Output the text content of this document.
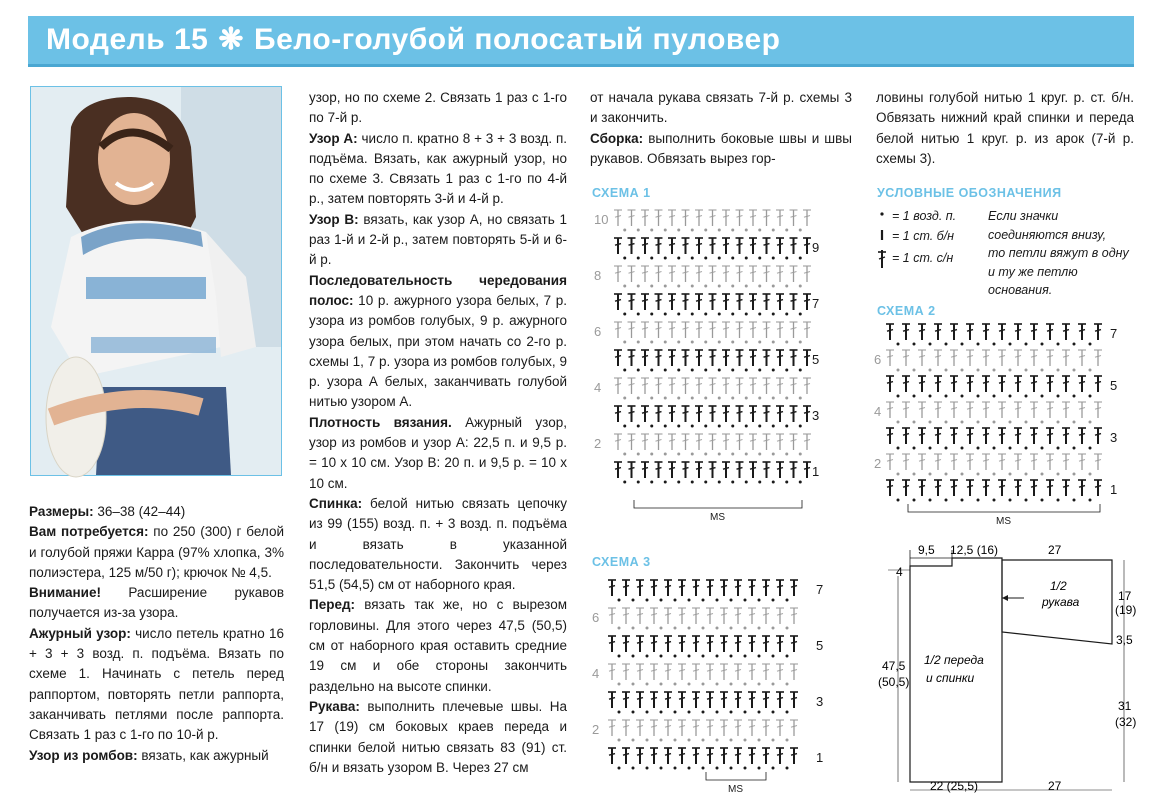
Модель 15 ❋ Бело-голубой полосатый пуловер

Размеры: 36–38 (42–44)

Вам потребуется: по 250 (300) г белой и голубой пряжи Карра (97% хлопка, 3% полиэстера, 125 м/50 г); крючок № 4,5.

Внимание! Расширение рукавов получается из-за узора.

Ажурный узор: число петель кратно 16 + 3 + 3 возд. п. подъёма. Вязать по схеме 1. Начинать с петель перед раппортом, повторять петли раппорта, заканчивать петлями после раппорта. Связать 1 раз с 1-го по 10-й р.

Узор из ромбов: вязать, как ажурный

узор, но по схеме 2. Связать 1 раз с 1-го по 7-й р.

Узор А: число п. кратно 8 + 3 + 3 возд. п. подъёма. Вязать, как ажурный узор, но по схеме 3. Связать 1 раз с 1-го по 4-й р., затем повторять 3-й и 4-й р.

Узор В: вязать, как узор А, но связать 1 раз 1-й и 2-й р., затем повторять 5-й и 6-й р.

Последовательность чередования полос: 10 р. ажурного узора белых, 7 р. узора из ромбов голубых, 9 р. ажурного узора белых, при этом начать со 2-го р. схемы 1, 7 р. узора из ромбов голубых, 9 р. узора А белых, заканчивать голубой нитью узором А.

Плотность вязания. Ажурный узор, узор из ромбов и узор А: 22,5 п. и 9,5 р. = 10 х 10 см. Узор В: 20 п. и 9,5 р. = 10 х 10 см.

Спинка: белой нитью связать цепочку из 99 (155) возд. п. + 3 возд. п. подъёма и вязать в указанной последовательности. Закончить через 51,5 (54,5) см от наборного края.

Перед: вязать так же, но с вырезом горловины. Для этого через 47,5 (50,5) см от наборного края оставить средние 19 см и обе стороны закончить раздельно на высоте спинки.

Рукава: выполнить плечевые швы. На 17 (19) см боковых краев переда и спинки белой нитью связать 83 (91) ст. б/н и вязать узором В. Через 27 см

от начала рукава связать 7-й р. схемы 3 и закончить.

Сборка: выполнить боковые швы и швы рукавов. Обвязать вырез гор-

ловины голубой нитью 1 круг. р. ст. б/н. Обвязать нижний край спинки и переда белой нитью 1 круг. р. из арок (7-й р. схемы 3).

СХЕМА 1
СХЕМА 3
СХЕМА 2
УСЛОВНЫЕ ОБОЗНАЧЕНИЯ
= 1 возд. п.
= 1 ст. б/н
= 1 ст. с/н
Если значки
соединяются внизу,
то петли вяжут в одну
и ту же петлю
основания.
10
9
8
7
6
5
4
3
2
1
MS
7
6
5
4
3
2
1
MS
7
6
5
4
3
2
1
MS
9,5 12,5 (16)	27
4
1/2
рукава
1/2 переда
и спинки
47,5
(50,5)
17
(19)
3,5
31
(32)
22 (25,5)	27
